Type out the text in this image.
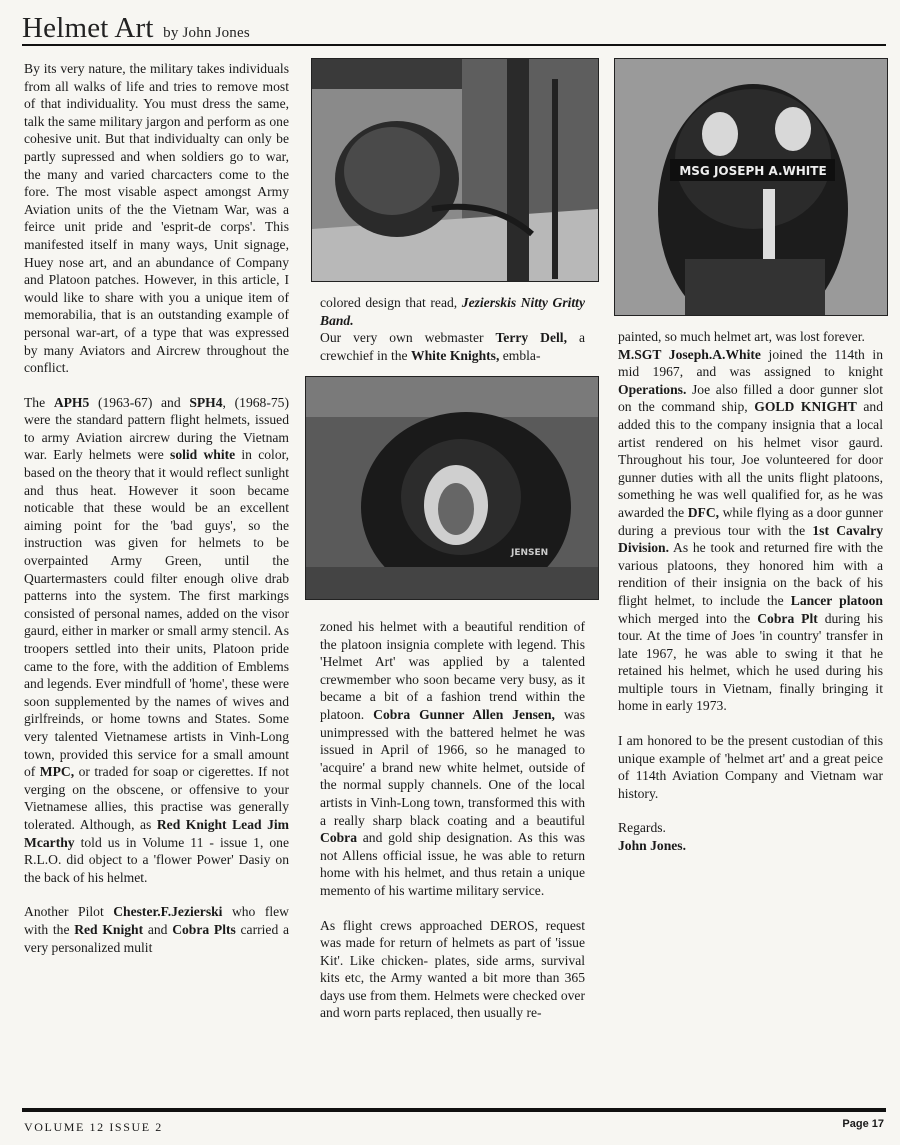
Helmet Art by John Jones

By its very nature, the military takes individuals from all walks of life and tries to remove most of that individuality. You must dress the same, talk the same military jargon and perform as one cohesive unit. But that individualty can only be partly supressed and when soldiers go to war, the many and varied charcacters come to the fore. The most visable aspect amongst Army Aviation units of the the Vietnam War, was a feirce unit pride and 'esprit-de corps'. This manifested itself in many ways, Unit signage, Huey nose art, and an abundance of Company and Platoon patches. However, in this article, I would like to share with you a unique item of memorabilia, that is an outstanding example of personal war-art, of a type that was expressed by many Aviators and Aircrew throughout the conflict.

The APH5 (1963-67) and SPH4, (1968-75) were the standard pattern flight helmets, issued to army Aviation aircrew during the Vietnam war. Early helmets were solid white in color, based on the theory that it would reflect sunlight and thus heat. However it soon became noticable that these would be an excellent aiming point for the 'bad guys', so the instruction was given for helmets to be overpainted Army Green, until the Quartermasters could filter enough olive drab patterns into the system. The first markings consisted of personal names, added on the visor gaurd, either in marker or small army stencil. As troopers settled into their units, Platoon pride came to the fore, with the addition of Emblems and legends. Ever mindfull of 'home', these were soon supplemented by the names of wives and girlfreinds, or home towns and States. Some very talented Vietnamese artists in Vinh-Long town, provided this service for a small amount of MPC, or traded for soap or cigerettes. If not verging on the obscene, or offensive to your Vietnamese allies, this practise was generally tolerated. Although, as Red Knight Lead Jim Mcarthy told us in Volume 11 - issue 1, one R.L.O. did object to a 'flower Power' Dasiy on the back of his helmet.

Another Pilot Chester.F.Jezierski who flew with the Red Knight and Cobra Plts carried a very personalized mulit

MSG JOSEPH A.WHITE

colored design that read, Jezierskis Nitty Gritty Band.

Our very own webmaster Terry Dell, a crewchief in the White Knights, embla-

JENSEN

zoned his helmet with a beautiful rendition of the platoon insignia complete with legend. This 'Helmet Art' was applied by a talented crewmember who soon became very busy, as it became a bit of a fashion trend within the platoon. Cobra Gunner Allen Jensen, was unimpressed with the battered helmet he was issued in April of 1966, so he managed to 'acquire' a brand new white helmet, outside of the normal supply channels. One of the local artists in Vinh-Long town, transformed this with a really sharp black coating and a beautiful Cobra and gold ship designation. As this was not Allens official issue, he was able to return home with his helmet, and thus retain a unique memento of his wartime military service.

As flight crews approached DEROS, request was made for return of helmets as part of 'issue Kit'. Like chicken- plates, side arms, survival kits etc, the Army wanted a bit more than 365 days use from them. Helmets were checked over and worn parts replaced, then usually re-

painted, so much helmet art, was lost forever.

M.SGT Joseph.A.White joined the 114th in mid 1967, and was assigned to knight Operations. Joe also filled a door gunner slot on the command ship, GOLD KNIGHT and added this to the company insignia that a local artist rendered on his helmet visor gaurd. Throughout his tour, Joe volunteered for door gunner duties with all the units flight platoons, something he was well qualified for, as he was awarded the DFC, while flying as a door gunner during a previous tour with the 1st Cavalry Division. As he took and returned fire with the various platoons, they honored him with a rendition of their insignia on the back of his flight helmet, to include the Lancer platoon which merged into the Cobra Plt during his tour. At the time of Joes 'in country' transfer in late 1967, he was able to swing it that he retained his helmet, which he used during his multiple tours in Vietnam, finally bringing it home in early 1973.

I am honored to be the present custodian of this unique example of 'helmet art' and a great peice of 114th Aviation Company and Vietnam war history.

Regards.

John Jones.

VOLUME 12 ISSUE 2	Page 17
